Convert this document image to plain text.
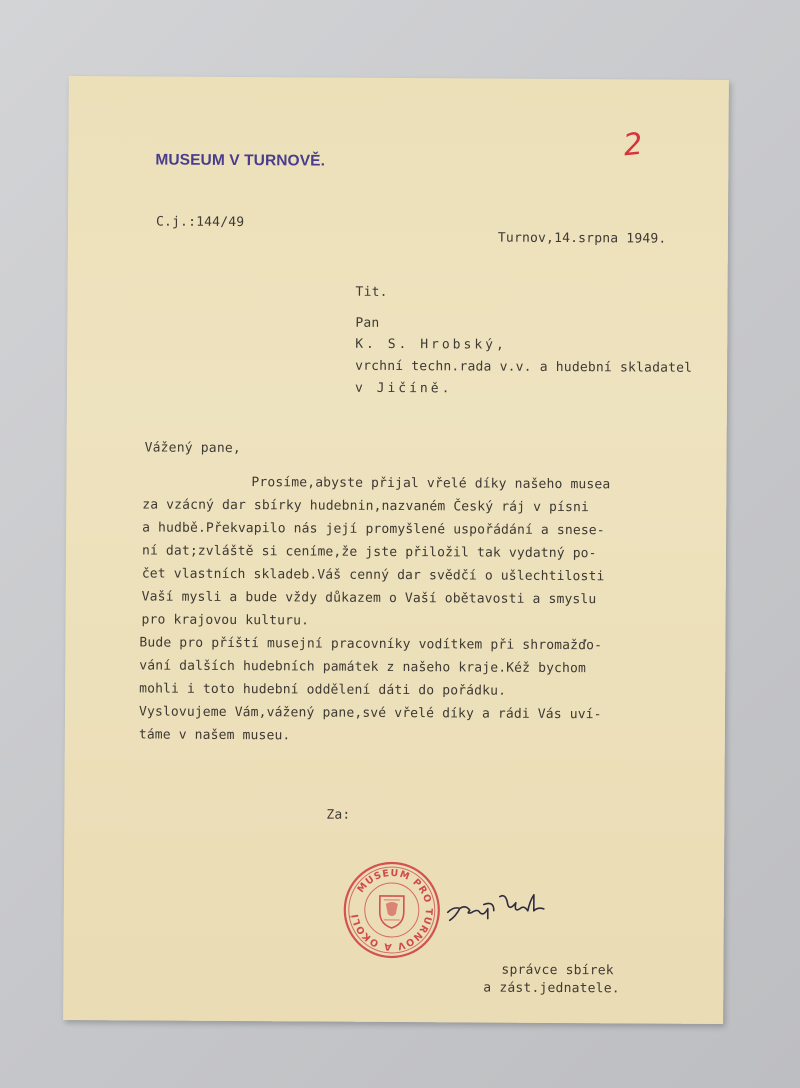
2
MUSEUM V TURNOVĚ.
C.j.:144/49
Turnov,14.srpna 1949.
Tit.
Pan
K. S. Hrobský,
vrchní techn.rada v.v. a hudební skladatel
v Jičíně.
Vážený pane,
Prosíme,abyste přijal vřelé díky našeho musea
za vzácný dar sbírky hudebnin,nazvaném Český ráj v písni
a hudbě.Překvapilo nás její promyšlené uspořádání a snese-
ní dat;zvláště si ceníme,že jste přiložil tak vydatný po-
čet vlastních skladeb.Váš cenný dar svědčí o ušlechtilosti
Vaší mysli a bude vždy důkazem o Vaší obětavosti a smyslu
pro krajovou kulturu.
Bude pro příští musejní pracovníky vodítkem při shromažďo-
vání dalších hudebních památek z našeho kraje.Kéž bychom
mohli i toto hudební oddělení dáti do pořádku.
Vyslovujeme Vám,vážený pane,své vřelé díky a rádi Vás uví-
táme v našem museu.
Za:
MUSEUM PRO TURNOV A OKOLÍ
správce sbírek
a zást.jednatele.
